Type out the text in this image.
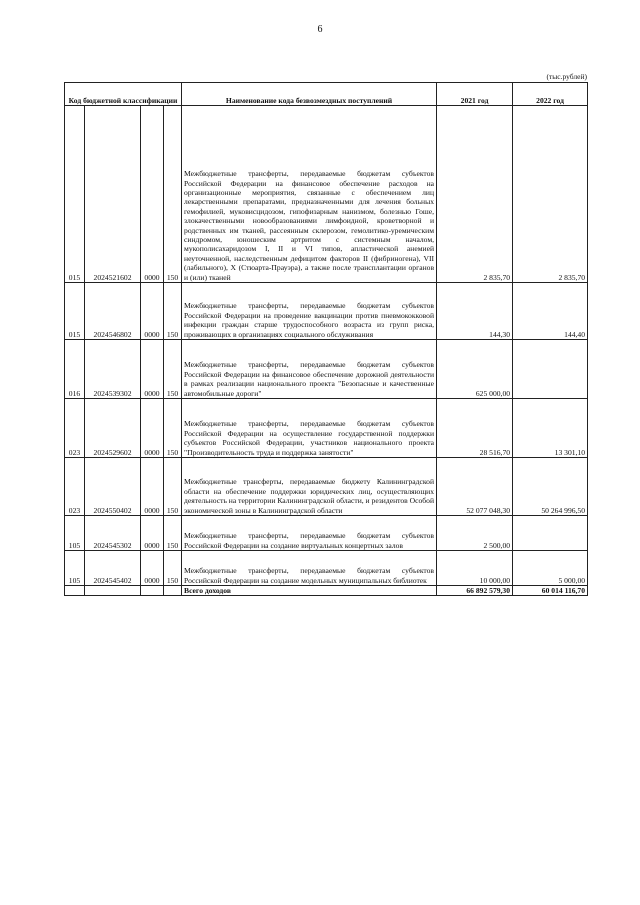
6
(тыс.рублей)
Код бюджетной классификации				Наименование кода безвозмездных поступлений	2021 год	2022 год
015	2024521602	0000	150	Межбюджетные трансферты, передаваемые бюджетам субъектов Российской Федерации на финансовое обеспечение расходов на организационные мероприятия, связанные с обеспечением лиц лекарственными препаратами, предназначенными для лечения больных гемофилией, муковисцидозом, гипофизарным нанизмом, болезнью Гоше, злокачественными новообразованиями лимфоидной, кроветворной и родственных им тканей, рассеянным склерозом, гемолитико-уремическим синдромом, юношеским артритом с системным началом, мукополисахаридозом I, II и VI типов, апластической анемией неуточненной, наследственным дефицитом факторов II (фибриногена), VII (лабильного), X (Стюарта-Прауэра), а также после трансплантации органов и (или) тканей	2 835,70	2 835,70
015	2024546802	0000	150	Межбюджетные трансферты, передаваемые бюджетам субъектов Российской Федерации на проведение вакцинации против пневмококковой инфекции граждан старше трудоспособного возраста из групп риска, проживающих в организациях социального обслуживания	144,30	144,40
016	2024539302	0000	150	Межбюджетные трансферты, передаваемые бюджетам субъектов Российской Федерации на финансовое обеспечение дорожной деятельности в рамках реализации национального проекта "Безопасные и качественные автомобильные дороги"	625 000,00	
023	2024529602	0000	150	Межбюджетные трансферты, передаваемые бюджетам субъектов Российской Федерации на осуществление государственной поддержки субъектов Российской Федерации, участников национального проекта "Производительность труда и поддержка занятости"	28 516,70	13 301,10
023	2024550402	0000	150	Межбюджетные трансферты, передаваемые бюджету Калининградской области на обеспечение поддержки юридических лиц, осуществляющих деятельность на территории Калининградской области, и резидентов Особой экономической зоны в Калининградской области	52 077 048,30	50 264 996,50
105	2024545302	0000	150	Межбюджетные трансферты, передаваемые бюджетам субъектов Российской Федерации на создание виртуальных концертных залов	2 500,00	
105	2024545402	0000	150	Межбюджетные трансферты, передаваемые бюджетам субъектов Российской Федерации на создание модельных муниципальных библиотек	10 000,00	5 000,00
				Всего доходов	66 892 579,30	60 014 116,70
